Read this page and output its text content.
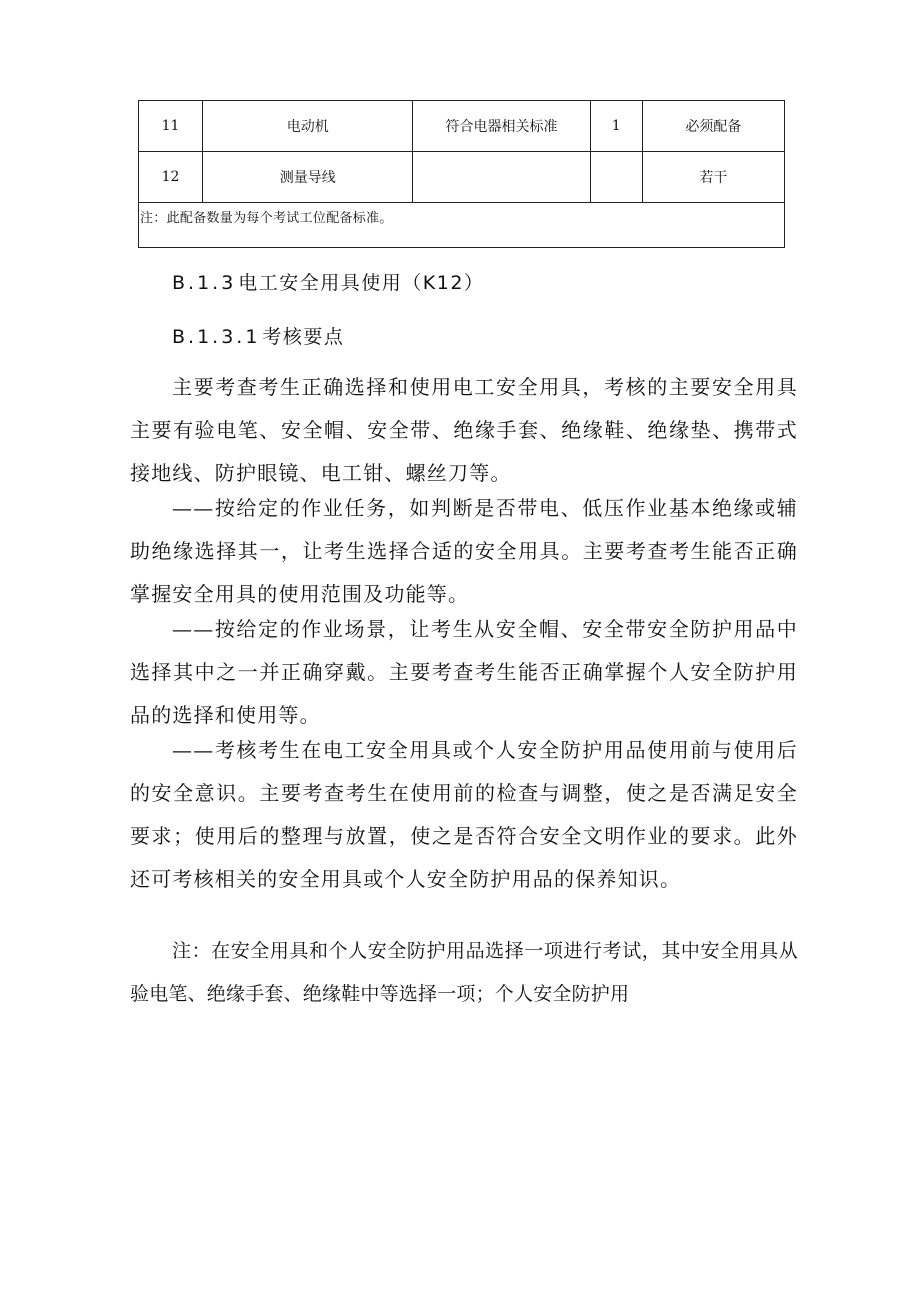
11	电动机	符合电器相关标准	1	必须配备
12	测量导线			若干
注：此配备数量为每个考试工位配备标准。				
B.1.3 电工安全用具使用（K12）
B.1.3.1 考核要点

主要考查考生正确选择和使用电工安全用具，考核的主要安全用具主要有验电笔、安全帽、安全带、绝缘手套、绝缘鞋、绝缘垫、携带式接地线、防护眼镜、电工钳、螺丝刀等。

——按给定的作业任务，如判断是否带电、低压作业基本绝缘或辅助绝缘选择其一，让考生选择合适的安全用具。主要考查考生能否正确掌握安全用具的使用范围及功能等。

——按给定的作业场景，让考生从安全帽、安全带安全防护用品中选择其中之一并正确穿戴。主要考查考生能否正确掌握个人安全防护用品的选择和使用等。

——考核考生在电工安全用具或个人安全防护用品使用前与使用后的安全意识。主要考查考生在使用前的检查与调整，使之是否满足安全要求；使用后的整理与放置，使之是否符合安全文明作业的要求。此外还可考核相关的安全用具或个人安全防护用品的保养知识。

注：在安全用具和个人安全防护用品选择一项进行考试，其中安全用具从验电笔、绝缘手套、绝缘鞋中等选择一项；个人安全防护用
